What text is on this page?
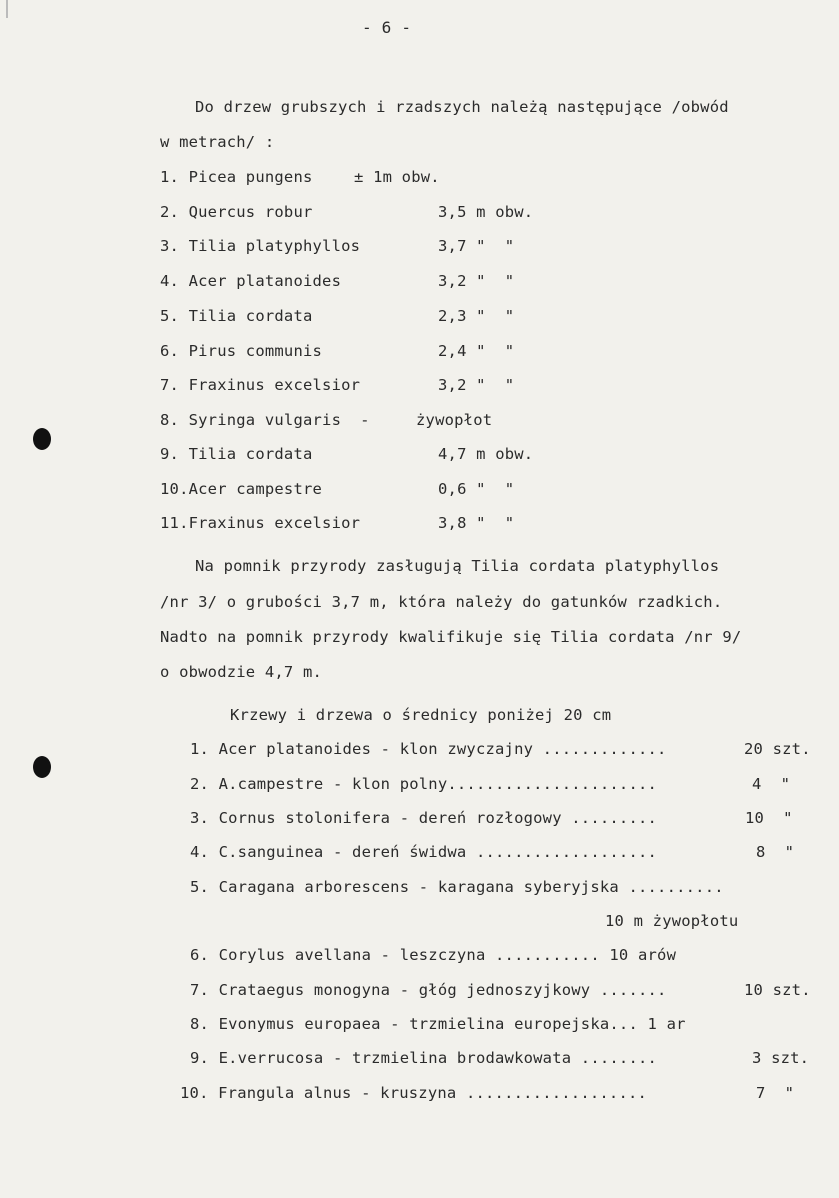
- 6 -
Do drzew grubszych i rzadszych należą następujące /obwód
w metrach/ :
1. Picea pungens	± 1m obw.
2. Quercus robur	3,5 m obw.
3. Tilia platyphyllos	3,7 "  "
4. Acer platanoides	3,2 "  "
5. Tilia cordata	2,3 "  "
6. Pirus communis	2,4 "  "
7. Fraxinus excelsior	3,2 "  "
8. Syringa vulgaris  -	żywopłot
9. Tilia cordata	4,7 m obw.
10.Acer campestre	0,6 "  "
11.Fraxinus excelsior	3,8 "  "
Na pomnik przyrody zasługują Tilia cordata platyphyllos
/nr 3/ o grubości 3,7 m, która należy do gatunków rzadkich.
Nadto na pomnik przyrody kwalifikuje się Tilia cordata /nr 9/
o obwodzie 4,7 m.
Krzewy i drzewa o średnicy poniżej 20 cm
1. Acer platanoides - klon zwyczajny .............	20 szt.
2. A.campestre - klon polny......................	4  "
3. Cornus stolonifera - dereń rozłogowy .........	10  "
4. C.sanguinea - dereń świdwa ...................	8  "
5. Caragana arborescens - karagana syberyjska ..........
10 m żywopłotu
6. Corylus avellana - leszczyna ........... 10 arów
7. Crataegus monogyna - głóg jednoszyjkowy .......	10 szt.
8. Evonymus europaea - trzmielina europejska... 1 ar
9. E.verrucosa - trzmielina brodawkowata ........	3 szt.
10. Frangula alnus - kruszyna ...................	7  "
